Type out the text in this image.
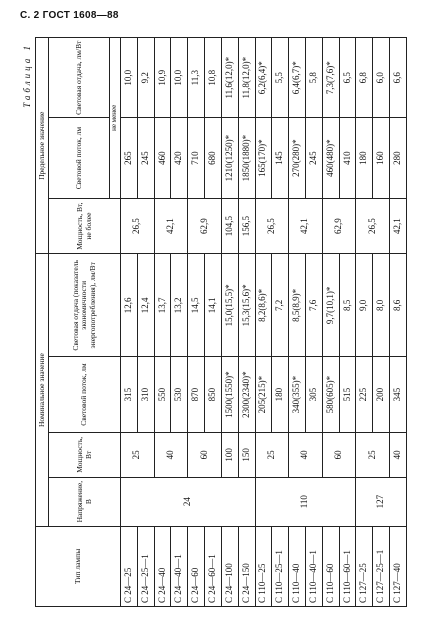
С. 2 ГОСТ 1608—88
Таблица 1
Тип лампы	Номинальное значение				Предельное значение		
	Напряжение, В	Мощность, Вт	Световой поток, лм	Световая отдача (показатель экономичности энергопотребления), лм/Вт	Мощность, Вт, не более	Световой поток, лм	Световая отдача, лм/Вт
						не менее	
С 24—25	24	25	315	12,6	26,5	265	10,0
С 24—25—1			310	12,4		245	9,2
С 24—40		40	550	13,7	42,1	460	10,9
С 24—40—1			530	13,2		420	10,0
С 24—60		60	870	14,5	62,9	710	11,3
С 24—60—1			850	14,1		680	10,8
С 24—100		100	1500(1550)*	15,0(15,5)*	104,5	1210(1250)*	11,6(12,0)*
С 24—150		150	2300(2340)*	15,3(15,6)*	156,5	1850(1880)*	11,8(12,0)*
С 110—25	110	25	205(215)*	8,2(8,6)*	26,5	165(170)*	6,2(6,4)*
С 110—25—1			180	7,2		145	5,5
С 110—40		40	340(355)*	8,5(8,9)*	42,1	270(280)*	6,4(6,7)*
С 110—40—1			305	7,6		245	5,8
С 110—60		60	580(605)*	9,7(10,1)*	62,9	460(480)*	7,3(7,6)*
С 110—60—1			515	8,5		410	6,5
С 127—25	127	25	225	9,0	26,5	180	6,8
С 127—25—1			200	8,0		160	6,0
С 127—40		40	345	8,6	42,1	280	6,6
